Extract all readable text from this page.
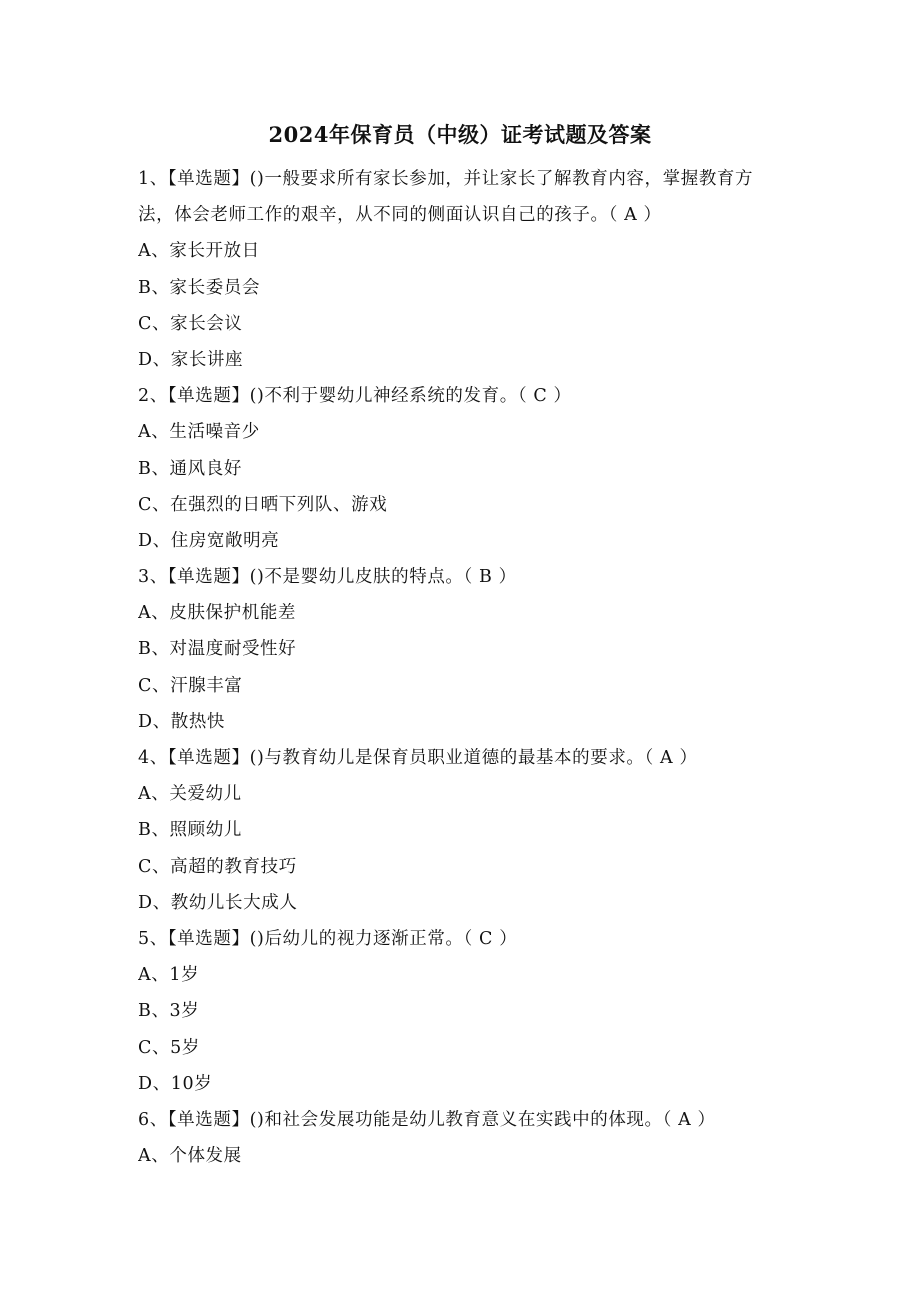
2024年保育员（中级）证考试题及答案
1、【单选题】()一般要求所有家长参加，并让家长了解教育内容，掌握教育方
法，体会老师工作的艰辛，从不同的侧面认识自己的孩子。（ A ）
A、家长开放日
B、家长委员会
C、家长会议
D、家长讲座
2、【单选题】()不利于婴幼儿神经系统的发育。（ C ）
A、生活噪音少
B、通风良好
C、在强烈的日晒下列队、游戏
D、住房宽敞明亮
3、【单选题】()不是婴幼儿皮肤的特点。（ B ）
A、皮肤保护机能差
B、对温度耐受性好
C、汗腺丰富
D、散热快
4、【单选题】()与教育幼儿是保育员职业道德的最基本的要求。（ A ）
A、关爱幼儿
B、照顾幼儿
C、高超的教育技巧
D、教幼儿长大成人
5、【单选题】()后幼儿的视力逐渐正常。（ C ）
A、1岁
B、3岁
C、5岁
D、10岁
6、【单选题】()和社会发展功能是幼儿教育意义在实践中的体现。（ A ）
A、个体发展
